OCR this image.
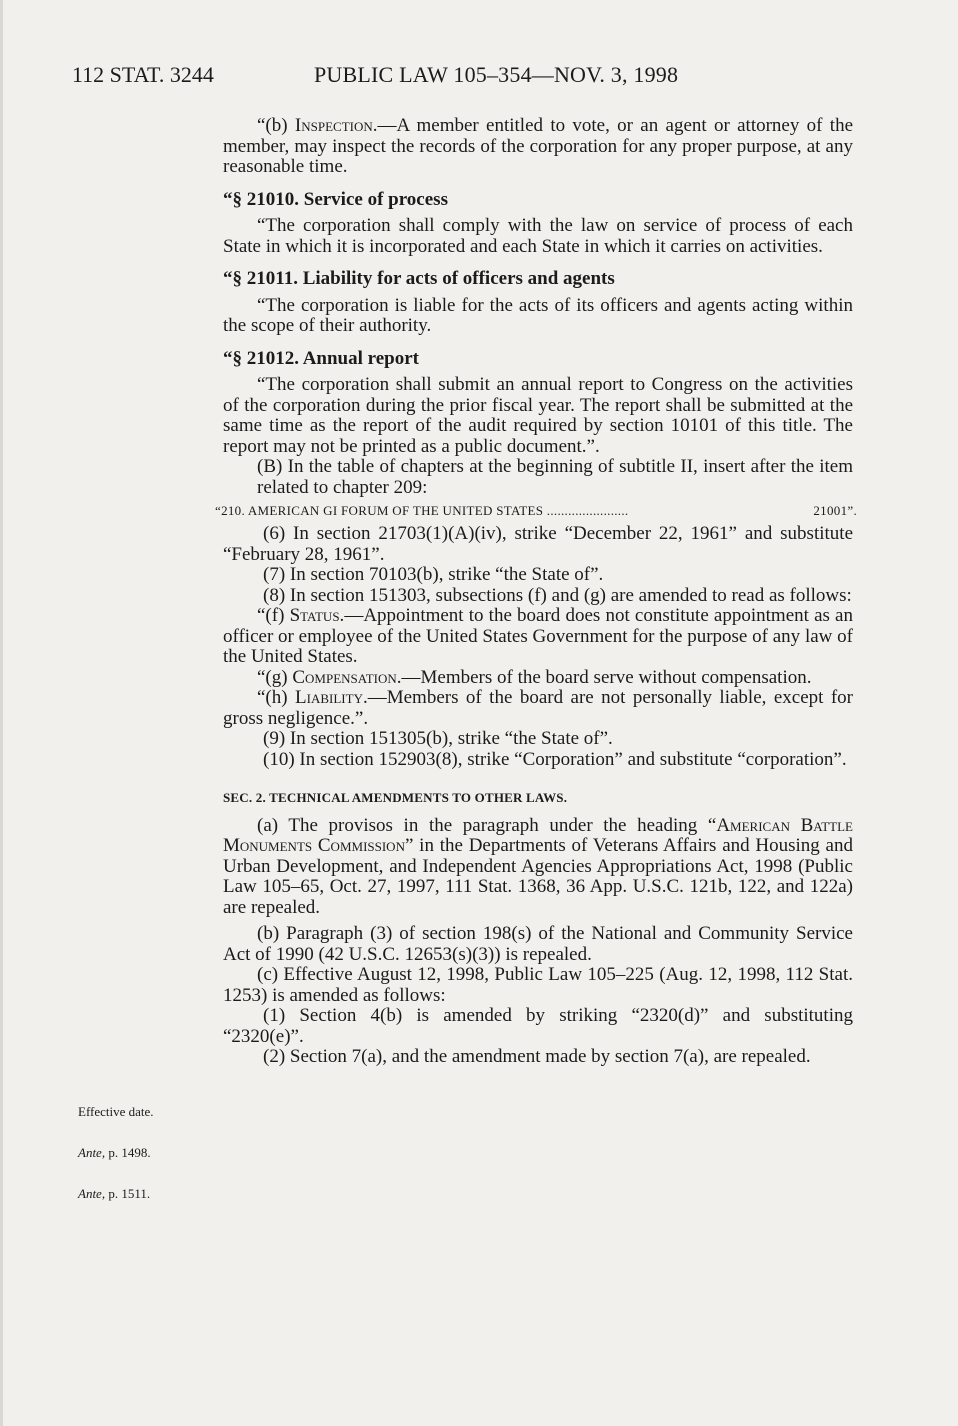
112 STAT. 3244	PUBLIC LAW 105–354—NOV. 3, 1998

“(b) Inspection.—A member entitled to vote, or an agent or attorney of the member, may inspect the records of the corporation for any proper purpose, at any reasonable time.

“§ 21010. Service of process

“The corporation shall comply with the law on service of process of each State in which it is incorporated and each State in which it carries on activities.

“§ 21011. Liability for acts of officers and agents

“The corporation is liable for the acts of its officers and agents acting within the scope of their authority.

“§ 21012. Annual report

“The corporation shall submit an annual report to Congress on the activities of the corporation during the prior fiscal year. The report shall be submitted at the same time as the report of the audit required by section 10101 of this title. The report may not be printed as a public document.”.

(B) In the table of chapters at the beginning of subtitle II, insert after the item related to chapter 209:

“210. AMERICAN GI FORUM OF THE UNITED STATES .......................	21001”.

(6) In section 21703(1)(A)(iv), strike “December 22, 1961” and substitute “February 28, 1961”.

(7) In section 70103(b), strike “the State of”.

(8) In section 151303, subsections (f) and (g) are amended to read as follows:

“(f) Status.—Appointment to the board does not constitute appointment as an officer or employee of the United States Government for the purpose of any law of the United States.

“(g) Compensation.—Members of the board serve without compensation.

“(h) Liability.—Members of the board are not personally liable, except for gross negligence.”.

(9) In section 151305(b), strike “the State of”.

(10) In section 152903(8), strike “Corporation” and substitute “corporation”.

SEC. 2. TECHNICAL AMENDMENTS TO OTHER LAWS.

(a) The provisos in the paragraph under the heading “American Battle Monuments Commission” in the Departments of Veterans Affairs and Housing and Urban Development, and Independent Agencies Appropriations Act, 1998 (Public Law 105–65, Oct. 27, 1997, 111 Stat. 1368, 36 App. U.S.C. 121b, 122, and 122a) are repealed.

(b) Paragraph (3) of section 198(s) of the National and Community Service Act of 1990 (42 U.S.C. 12653(s)(3)) is repealed.

(c) Effective August 12, 1998, Public Law 105–225 (Aug. 12, 1998, 112 Stat. 1253) is amended as follows:

(1) Section 4(b) is amended by striking “2320(d)” and substituting “2320(e)”.

(2) Section 7(a), and the amendment made by section 7(a), are repealed.

Effective date.
Ante, p. 1498.
Ante, p. 1511.
